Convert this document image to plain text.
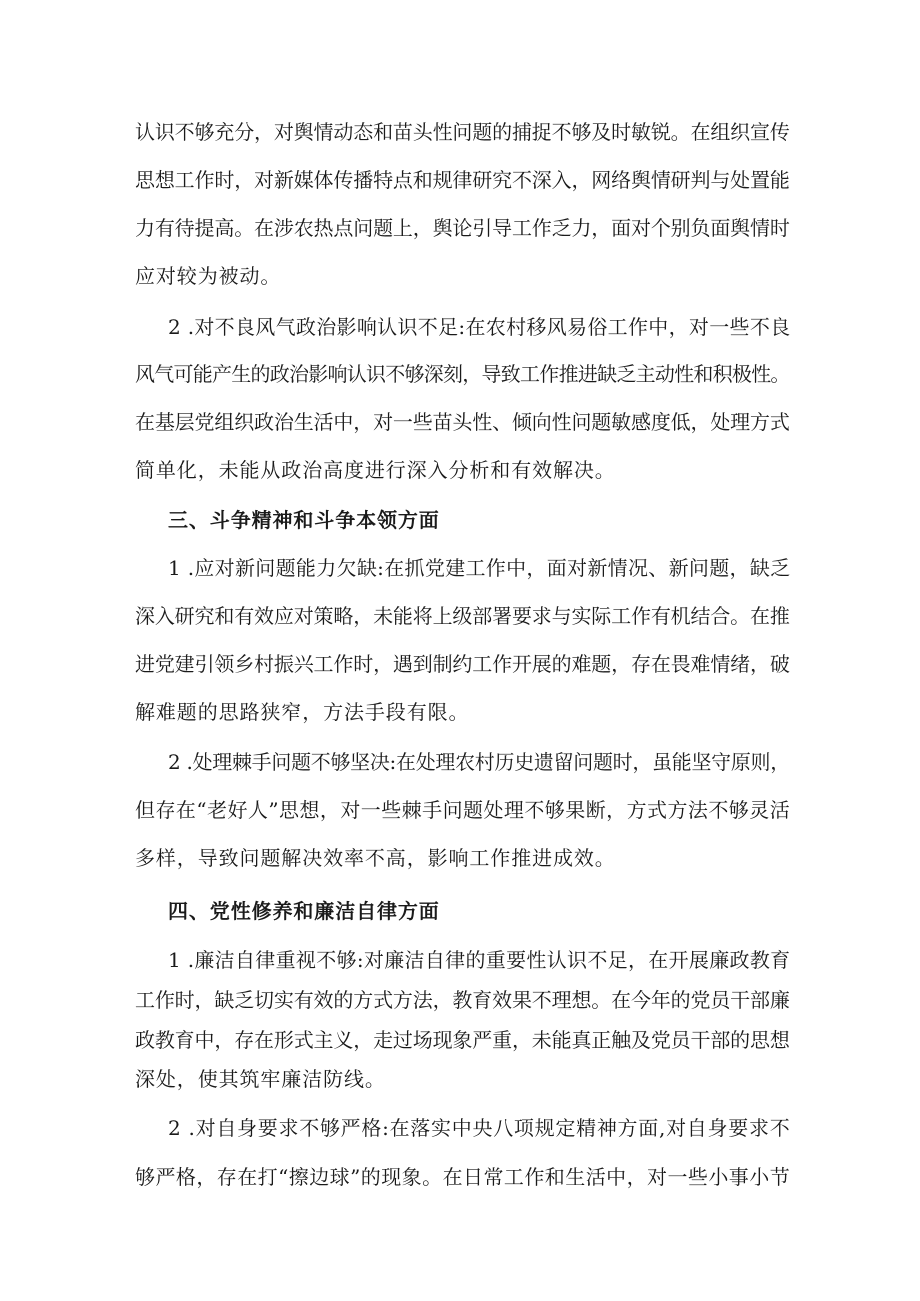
认识不够充分，对舆情动态和苗头性问题的捕捉不够及时敏锐。在组织宣传
思想工作时，对新媒体传播特点和规律研究不深入，网络舆情研判与处置能
力有待提高。在涉农热点问题上，舆论引导工作乏力，面对个别负面舆情时
应对较为被动。
2 .对不良风气政治影响认识不足:在农村移风易俗工作中，对一些不良
风气可能产生的政治影响认识不够深刻，导致工作推进缺乏主动性和积极性。
在基层党组织政治生活中，对一些苗头性、倾向性问题敏感度低，处理方式
简单化，未能从政治高度进行深入分析和有效解决。
三、斗争精神和斗争本领方面
1 .应对新问题能力欠缺:在抓党建工作中，面对新情况、新问题，缺乏
深入研究和有效应对策略，未能将上级部署要求与实际工作有机结合。在推
进党建引领乡村振兴工作时，遇到制约工作开展的难题，存在畏难情绪，破
解难题的思路狭窄，方法手段有限。
2 .处理棘手问题不够坚决:在处理农村历史遗留问题时，虽能坚守原则，
但存在“老好人”思想，对一些棘手问题处理不够果断，方式方法不够灵活
多样，导致问题解决效率不高，影响工作推进成效。
四、党性修养和廉洁自律方面
1 .廉洁自律重视不够:对廉洁自律的重要性认识不足，在开展廉政教育
工作时，缺乏切实有效的方式方法，教育效果不理想。在今年的党员干部廉
政教育中，存在形式主义，走过场现象严重，未能真正触及党员干部的思想
深处，使其筑牢廉洁防线。
2 .对自身要求不够严格:在落实中央八项规定精神方面,对自身要求不
够严格，存在打“擦边球”的现象。在日常工作和生活中，对一些小事小节
